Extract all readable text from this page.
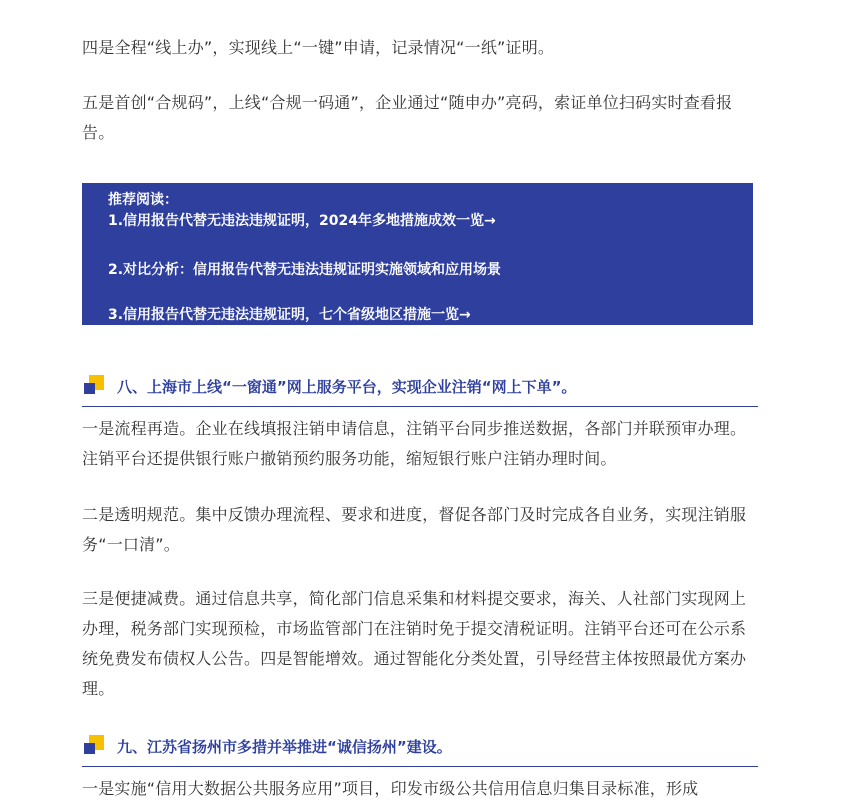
四是全程“线上办”，实现线上“一键”申请，记录情况“一纸”证明。

五是首创“合规码”，上线“合规一码通”，企业通过“随申办”亮码，索证单位扫码实时查看报告。

推荐阅读：
1.信用报告代替无违法违规证明，2024年多地措施成效一览→
2.对比分析：信用报告代替无违法违规证明实施领域和应用场景
3.信用报告代替无违法违规证明，七个省级地区措施一览→
八、上海市上线“一窗通”网上服务平台，实现企业注销“网上下单”。

一是流程再造。企业在线填报注销申请信息，注销平台同步推送数据，各部门并联预审办理。注销平台还提供银行账户撤销预约服务功能，缩短银行账户注销办理时间。

二是透明规范。集中反馈办理流程、要求和进度，督促各部门及时完成各自业务，实现注销服务“一口清”。

三是便捷减费。通过信息共享，简化部门信息采集和材料提交要求，海关、人社部门实现网上办理，税务部门实现预检，市场监管部门在注销时免于提交清税证明。注销平台还可在公示系统免费发布债权人公告。四是智能增效。通过智能化分类处置，引导经营主体按照最优方案办理。

九、江苏省扬州市多措并举推进“诚信扬州”建设。

一是实施“信用大数据公共服务应用”项目，印发市级公共信用信息归集目录标准，形成
